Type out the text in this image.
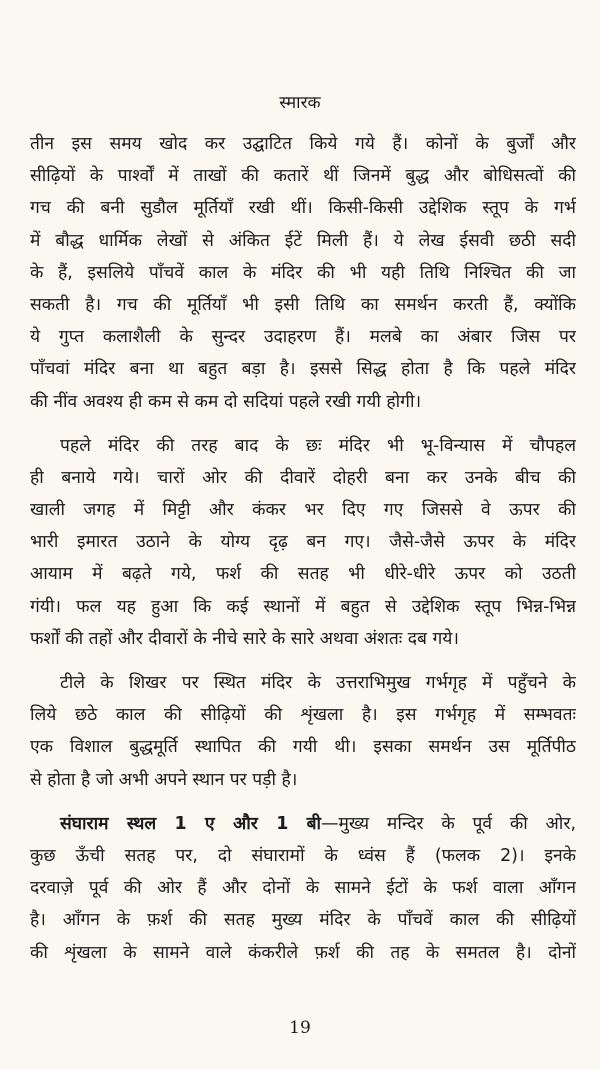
स्मारक
तीन इस समय खोद कर उद्घाटित किये गये हैं। कोनों के बुर्जों और
सीढ़ियों के पार्श्वों में ताखों की कतारें थीं जिनमें बुद्ध और बोधिसत्वों की
गच की बनी सुडौल मूर्तियाँ रखी थीं। किसी-किसी उद्देशिक स्तूप के गर्भ
में बौद्ध धार्मिक लेखों से अंकित ईटें मिली हैं। ये लेख ईसवी छठी सदी
के हैं, इसलिये पाँचवें काल के मंदिर की भी यही तिथि निश्चित की जा
सकती है। गच की मूर्तियाँ भी इसी तिथि का समर्थन करती हैं, क्योंकि
ये गुप्त कलाशैली के सुन्दर उदाहरण हैं। मलबे का अंबार जिस पर
पाँचवां मंदिर बना था बहुत बड़ा है। इससे सिद्ध होता है कि पहले मंदिर
की नींव अवश्य ही कम से कम दो सदियां पहले रखी गयी होगी।
पहले मंदिर की तरह बाद के छः मंदिर भी भू-विन्यास में चौपहल
ही बनाये गये। चारों ओर की दीवारें दोहरी बना कर उनके बीच की
खाली जगह में मिट्टी और कंकर भर दिए गए जिससे वे ऊपर की
भारी इमारत उठाने के योग्य दृढ़ बन गए। जैसे-जैसे ऊपर के मंदिर
आयाम में बढ़ते गये, फर्श की सतह भी धीरे-धीरे ऊपर को उठती
गंयी। फल यह हुआ कि कई स्थानों में बहुत से उद्देशिक स्तूप भिन्न-भिन्न
फर्शों की तहों और दीवारों के नीचे सारे के सारे अथवा अंशतः दब गये।
टीले के शिखर पर स्थित मंदिर के उत्तराभिमुख गर्भगृह में पहुँचने के
लिये छठे काल की सीढ़ियों की शृंखला है। इस गर्भगृह में सम्भवतः
एक विशाल बुद्धमूर्ति स्थापित की गयी थी। इसका समर्थन उस मूर्तिपीठ
से होता है जो अभी अपने स्थान पर पड़ी है।
संघाराम स्थल 1 ए और 1 बी—मुख्य मन्दिर के पूर्व की ओर,
कुछ ऊँची सतह पर, दो संघारामों के ध्वंस हैं (फलक 2)। इनके
दरवाज़े पूर्व की ओर हैं और दोनों के सामने ईटों के फर्श वाला आँगन
है। आँगन के फ़र्श की सतह मुख्य मंदिर के पाँचवें काल की सीढ़ियों
की शृंखला के सामने वाले कंकरीले फ़र्श की तह के समतल है। दोनों
19
